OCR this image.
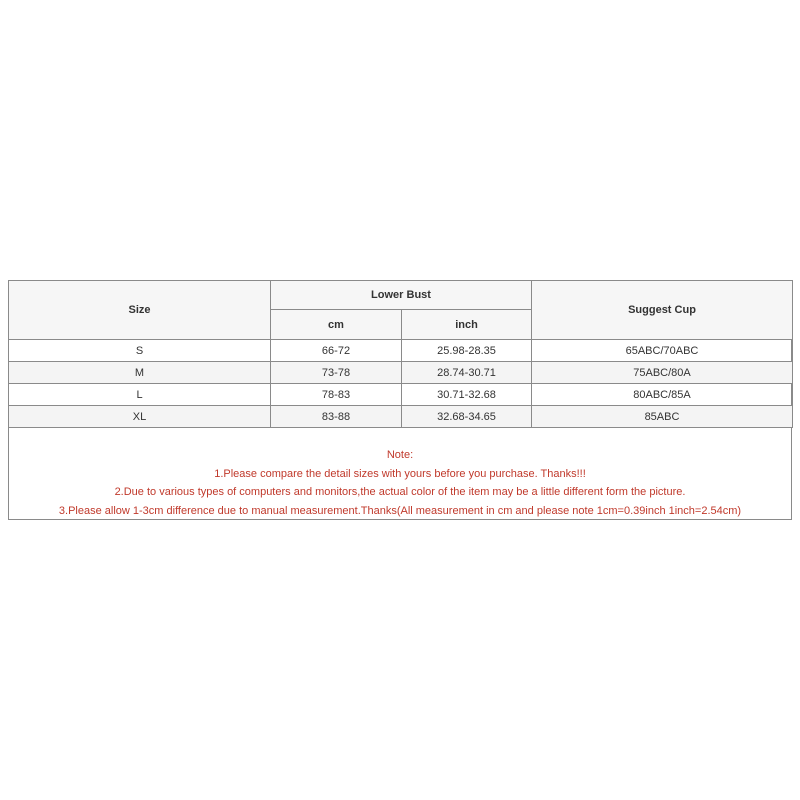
Size	Lower Bust		Suggest Cup
	cm	inch	
S	66-72	25.98-28.35	65ABC/70ABC
M	73-78	28.74-30.71	75ABC/80A
L	78-83	30.71-32.68	80ABC/85A
XL	83-88	32.68-34.65	85ABC
Note:
1.Please compare the detail sizes with yours before you purchase. Thanks!!!
2.Due to various types of computers and monitors,the actual color of the item may be a little different form the picture.
3.Please allow 1-3cm difference due to manual measurement.Thanks(All measurement in cm and please note 1cm=0.39inch 1inch=2.54cm)
